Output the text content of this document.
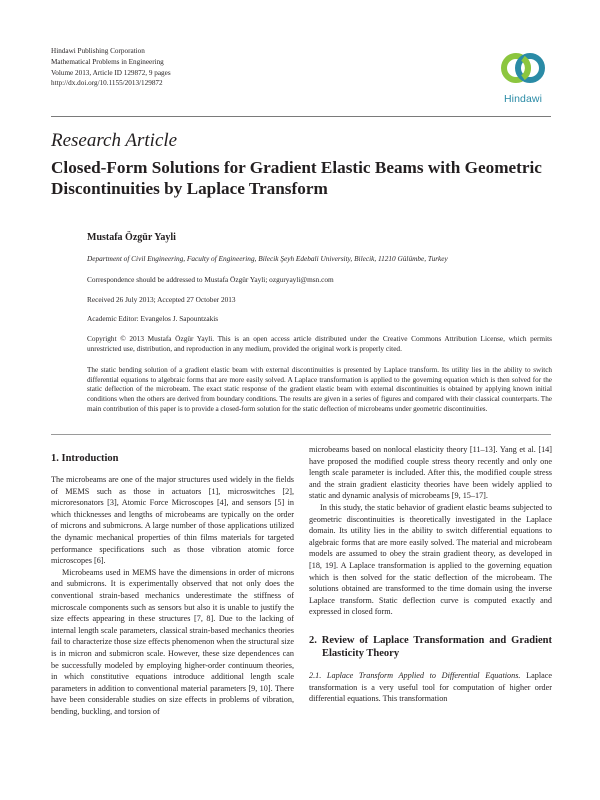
Hindawi Publishing Corporation
Mathematical Problems in Engineering
Volume 2013, Article ID 129872, 9 pages
http://dx.doi.org/10.1155/2013/129872
Hindawi
Research Article
Closed-Form Solutions for Gradient Elastic Beams with Geometric Discontinuities by Laplace Transform
Mustafa Özgür Yayli
Department of Civil Engineering, Faculty of Engineering, Bilecik Şeyh Edebali University, Bilecik, 11210 Gülümbe, Turkey
Correspondence should be addressed to Mustafa Özgür Yayli; ozguryayli@msn.com
Received 26 July 2013; Accepted 27 October 2013
Academic Editor: Evangelos J. Sapountzakis
Copyright © 2013 Mustafa Özgür Yayli. This is an open access article distributed under the Creative Commons Attribution License, which permits unrestricted use, distribution, and reproduction in any medium, provided the original work is properly cited.
The static bending solution of a gradient elastic beam with external discontinuities is presented by Laplace transform. Its utility lies in the ability to switch differential equations to algebraic forms that are more easily solved. A Laplace transformation is applied to the governing equation which is then solved for the static deflection of the microbeam. The exact static response of the gradient elastic beam with external discontinuities is obtained by applying known initial conditions when the others are derived from boundary conditions. The results are given in a series of figures and compared with their classical counterparts. The main contribution of this paper is to provide a closed-form solution for the static deflection of microbeams under geometric discontinuities.
1. Introduction

The microbeams are one of the major structures used widely in the fields of MEMS such as those in actuators [1], microswitches [2], microresonators [3], Atomic Force Microscopes [4], and sensors [5] in which thicknesses and lengths of microbeams are typically on the order of microns and submicrons. A large number of those applications utilized the dynamic mechanical properties of thin films materials for targeted performance specifications such as those vibration atomic force microscopes [6].

Microbeams used in MEMS have the dimensions in order of microns and submicrons. It is experimentally observed that not only does the conventional strain-based mechanics underestimate the stiffness of microscale components such as sensors but also it is unable to justify the size effects appearing in these structures [7, 8]. Due to the lacking of internal length scale parameters, classical strain-based mechanics theories fail to characterize those size effects phenomenon when the structural size is in micron and submicron scale. However, these size dependences can be successfully modeled by employing higher-order continuum theories, in which constitutive equations introduce additional length scale parameters in addition to conventional material parameters [9, 10]. There have been considerable studies on size effects in problems of vibration, bending, buckling, and torsion of

microbeams based on nonlocal elasticity theory [11–13]. Yang et al. [14] have proposed the modified couple stress theory recently and only one length scale parameter is included. After this, the modified couple stress and the strain gradient elasticity theories have been widely applied to static and dynamic analysis of microbeams [9, 15–17].

In this study, the static behavior of gradient elastic beams subjected to geometric discontinuities is theoretically investigated in the Laplace domain. Its utility lies in the ability to switch differential equations to algebraic forms that are more easily solved. The material and microbeam models are assumed to obey the strain gradient theory, as developed in [18, 19]. A Laplace transformation is applied to the governing equation which is then solved for the static deflection of the microbeam. The solutions obtained are transformed to the time domain using the inverse Laplace transform. Static deflection curve is computed exactly and expressed in closed form.

2. Review of Laplace Transformation and Gradient Elasticity Theory

2.1. Laplace Transform Applied to Differential Equations. Laplace transformation is a very useful tool for computation of higher order differential equations. This transformation
